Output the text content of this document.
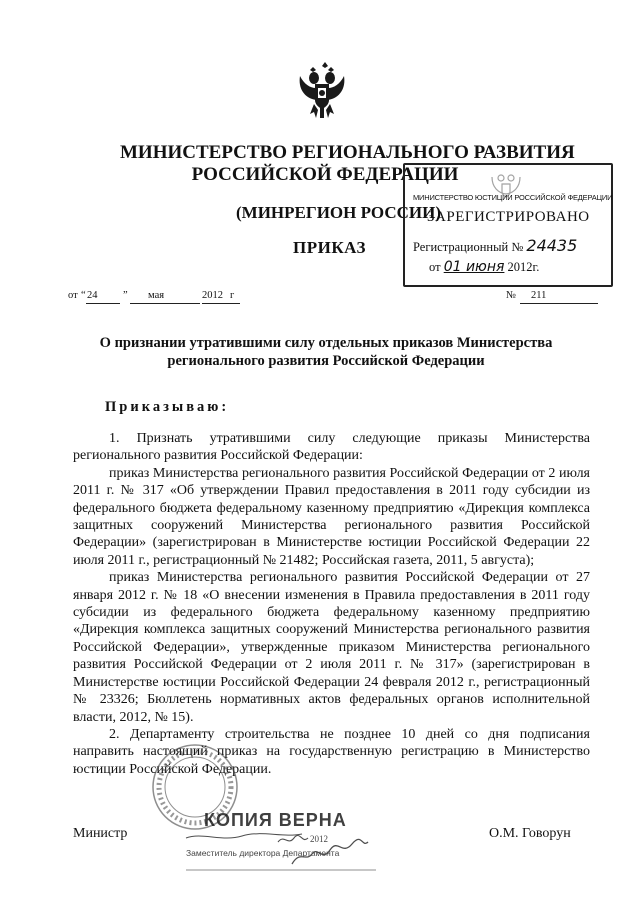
МИНИСТЕРСТВО РЕГИОНАЛЬНОГО РАЗВИТИЯ
РОССИЙСКОЙ ФЕДЕРАЦИИ
(МИНРЕГИОН РОССИИ)
ПРИКАЗ
МИНИСТЕРСТВО ЮСТИЦИИ РОССИЙСКОЙ ФЕДЕРАЦИИ
ЗАРЕГИСТРИРОВАНО
Регистрационный № 24435
от 01 июня 2012г.
от “ 24 ” мая	2012 г	№ 211
О признании утратившими силу отдельных приказов Министерства регионального развития Российской Федерации
Приказываю:

1. Признать утратившими силу следующие приказы Министерства регионального развития Российской Федерации:

приказ Министерства регионального развития Российской Федерации от 2 июля 2011 г. № 317 «Об утверждении Правил предоставления в 2011 году субсидии из федерального бюджета федеральному казенному предприятию «Дирекция комплекса защитных сооружений Министерства регионального развития Российской Федерации» (зарегистрирован в Министерстве юстиции Российской Федерации 22 июля 2011 г., регистрационный № 21482; Российская газета, 2011, 5 августа);

приказ Министерства регионального развития Российской Федерации от 27 января 2012 г. № 18 «О внесении изменения в Правила предоставления в 2011 году субсидии из федерального бюджета федеральному казенному предприятию «Дирекция комплекса защитных сооружений Министерства регионального развития Российской Федерации», утвержденные приказом Министерства регионального развития Российской Федерации от 2 июля 2011 г. № 317» (зарегистрирован в Министерстве юстиции Российской Федерации 24 февраля 2012 г., регистрационный № 23326; Бюллетень нормативных актов федеральных органов исполнительной власти, 2012, № 15).

2. Департаменту строительства не позднее 10 дней со дня подписания направить настоящий приказ на государственную регистрацию в Министерство юстиции Российской Федерации.

Министр	О.М. Говорун
КОПИЯ ВЕРНА
2012
Заместитель директора Департамента
